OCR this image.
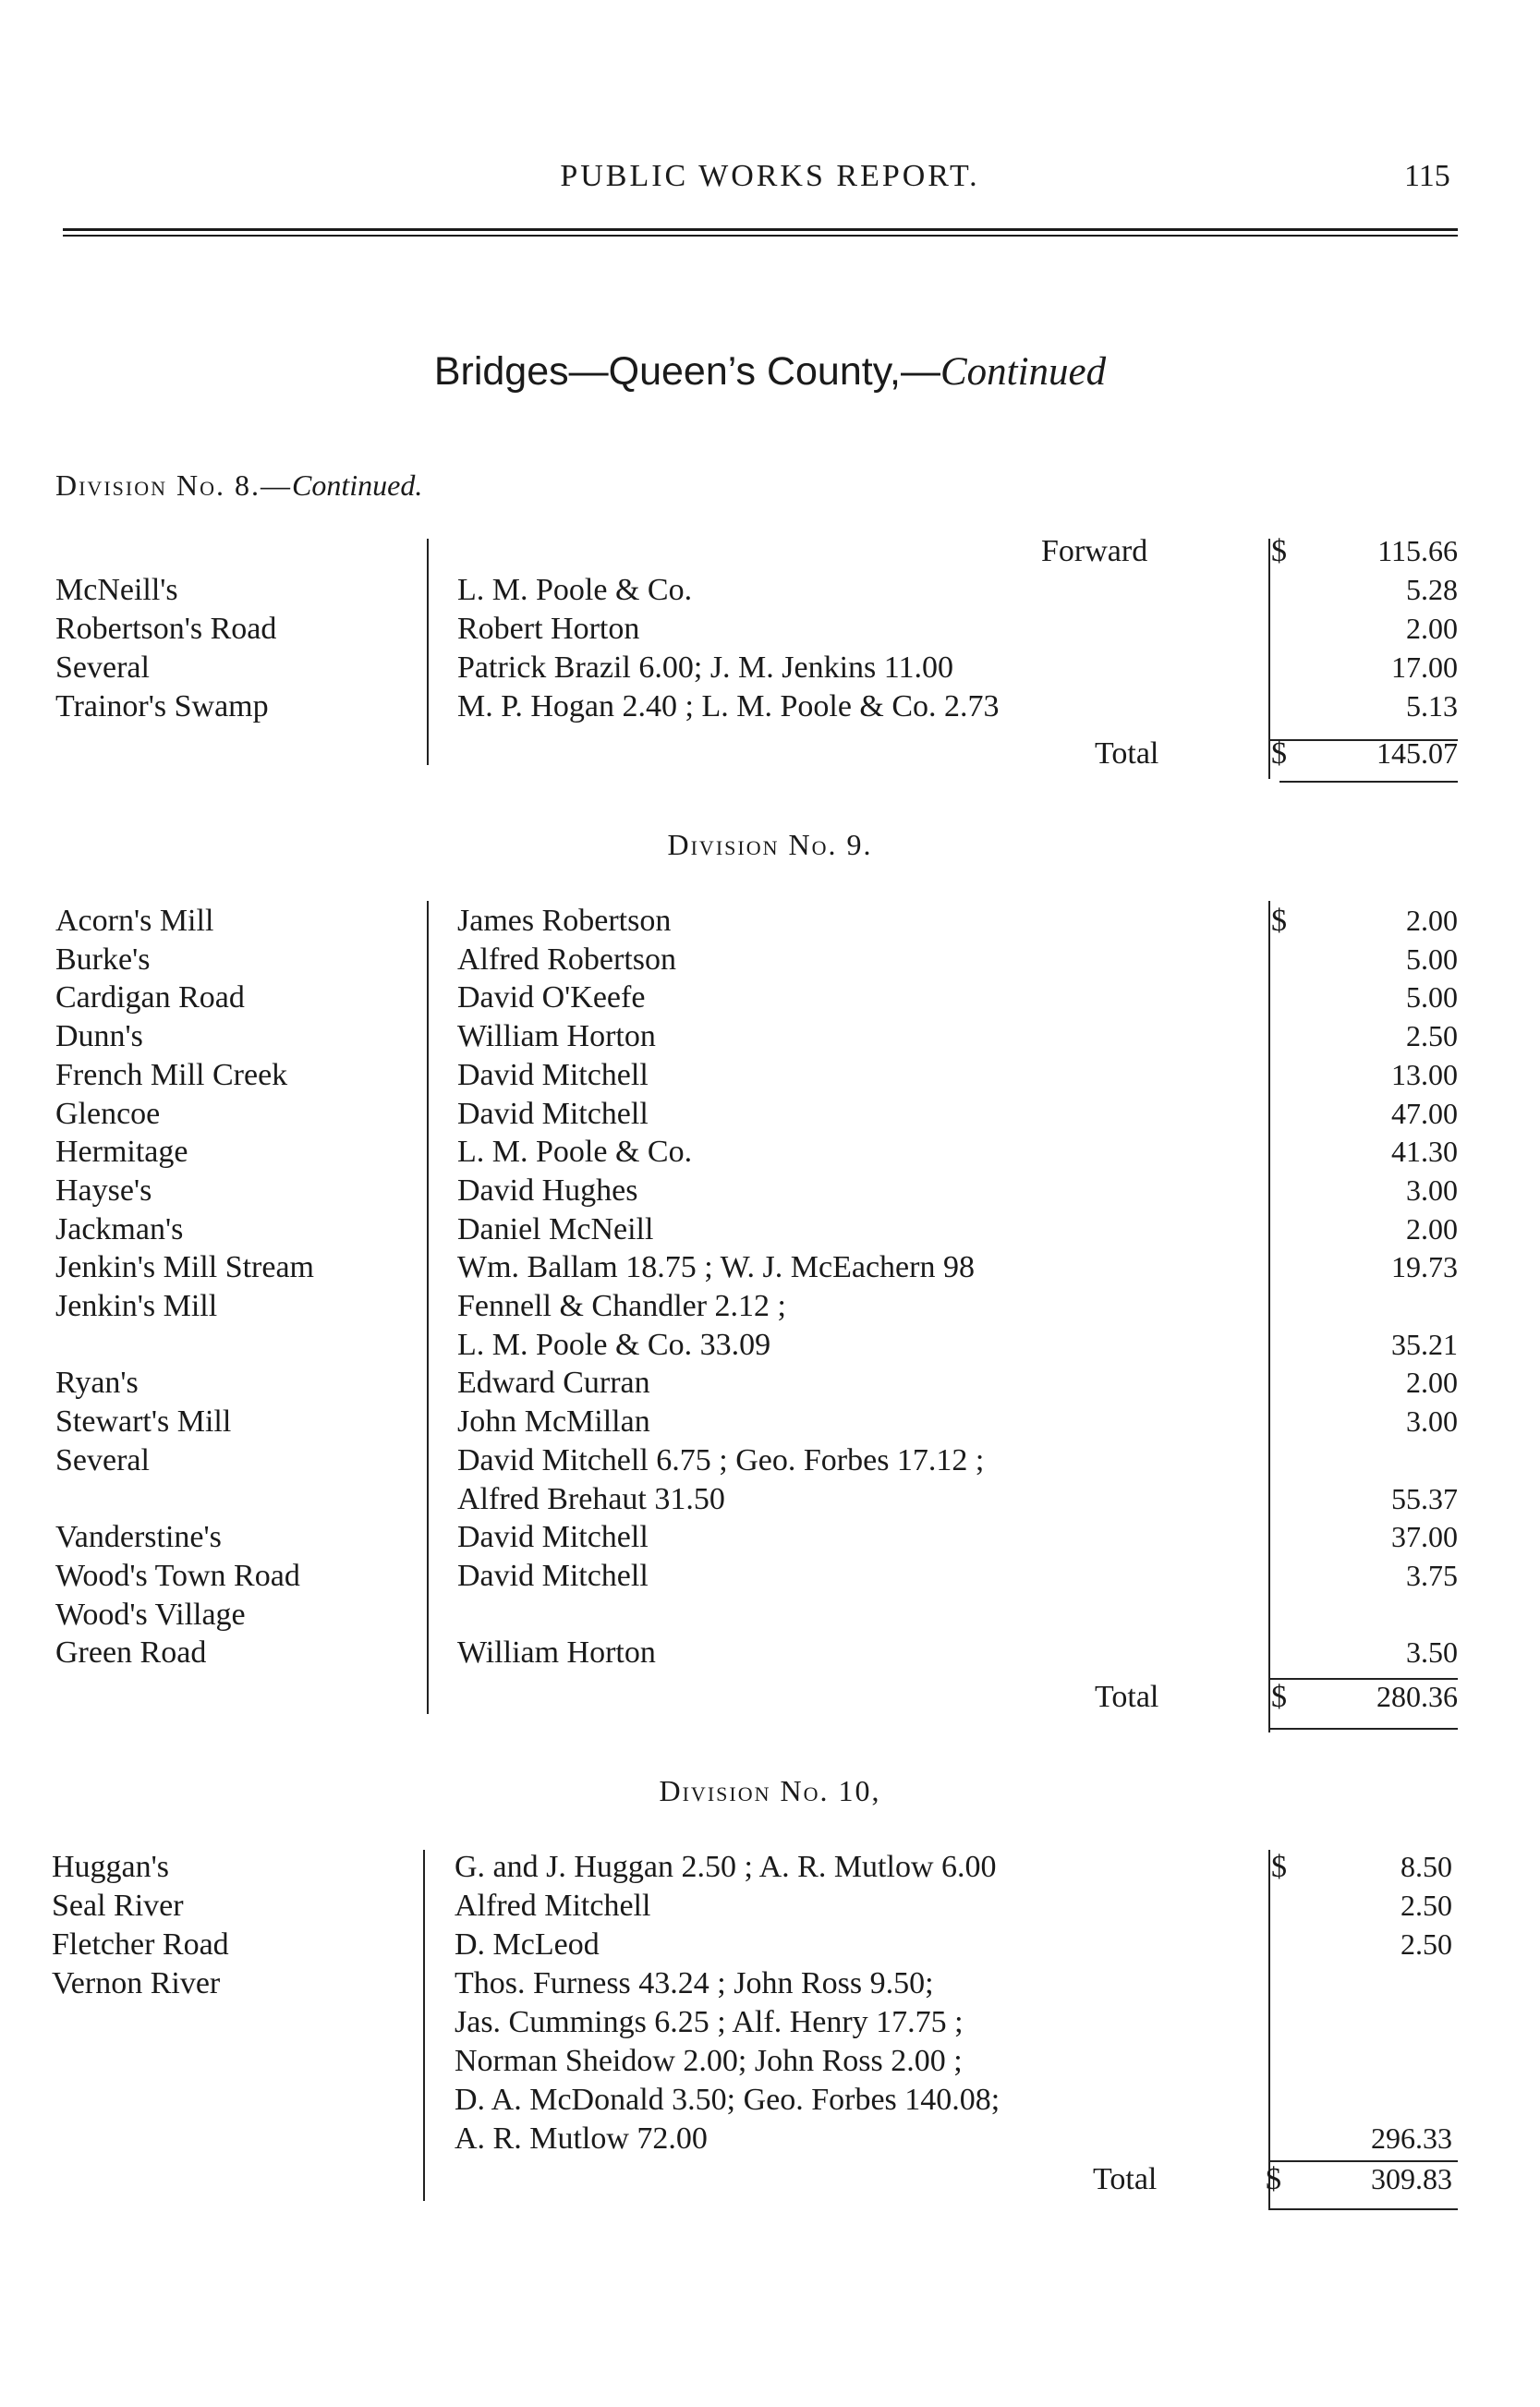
PUBLIC WORKS REPORT.	115
Bridges—Queen’s County,—Continued
Division No. 8.—Continued.
Forward	$	115.66
McNeill's	L. M. Poole & Co.	5.28
Robertson's Road	Robert Horton	2.00
Several	Patrick Brazil 6.00; J. M. Jenkins 11.00	17.00
Trainor's Swamp	M. P. Hogan 2.40 ; L. M. Poole & Co. 2.73	5.13
Total	$	145.07
Division No. 9.
$
Acorn's Mill	James Robertson	2.00
Burke's	Alfred Robertson	5.00
Cardigan Road	David O'Keefe	5.00
Dunn's	William Horton	2.50
French Mill Creek	David Mitchell	13.00
Glencoe	David Mitchell	47.00
Hermitage	L. M. Poole & Co.	41.30
Hayse's	David Hughes	3.00
Jackman's	Daniel McNeill	2.00
Jenkin's Mill Stream	Wm. Ballam 18.75 ; W. J. McEachern 98	19.73
Jenkin's Mill	Fennell & Chandler 2.12 ;
L. M. Poole & Co. 33.09	35.21
Ryan's	Edward Curran	2.00
Stewart's Mill	John McMillan	3.00
Several	David Mitchell 6.75 ; Geo. Forbes 17.12 ;
Alfred Brehaut 31.50	55.37
Vanderstine's	David Mitchell	37.00
Wood's Town Road	David Mitchell	3.75
Wood's Village
Green Road	William Horton	3.50
Total	$	280.36
Division No. 10,
$
Huggan's	G. and J. Huggan 2.50 ; A. R. Mutlow 6.00	8.50
Seal River	Alfred Mitchell	2.50
Fletcher Road	D. McLeod	2.50
Vernon River	Thos. Furness 43.24 ; John Ross 9.50;
Jas. Cummings 6.25 ; Alf. Henry 17.75 ;
Norman Sheidow 2.00; John Ross 2.00 ;
D. A. McDonald 3.50; Geo. Forbes 140.08;
A. R. Mutlow 72.00	296.33
Total	$	309.83
